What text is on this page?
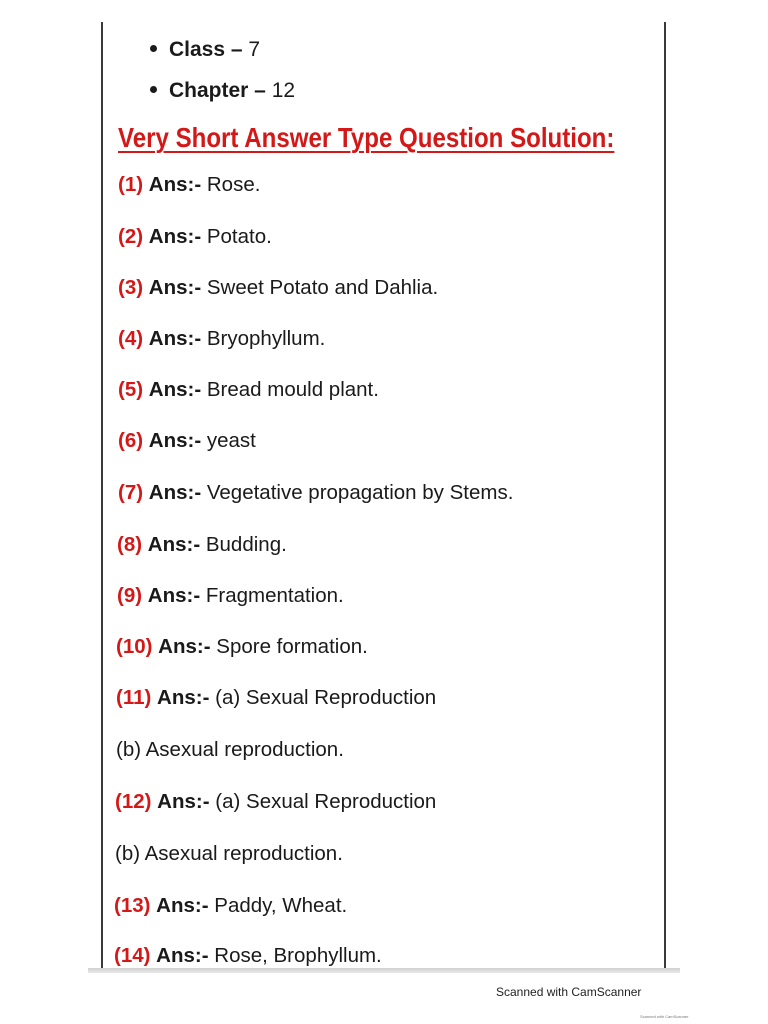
Class – 7
Chapter – 12
Very Short Answer Type Question Solution:
(1) Ans:- Rose.
(2) Ans:- Potato.
(3) Ans:- Sweet Potato and Dahlia.
(4) Ans:- Bryophyllum.
(5) Ans:- Bread mould plant.
(6) Ans:- yeast
(7) Ans:- Vegetative propagation by Stems.
(8) Ans:- Budding.
(9) Ans:- Fragmentation.
(10) Ans:- Spore formation.
(11) Ans:- (a) Sexual Reproduction
(b) Asexual reproduction.
(12) Ans:- (a) Sexual Reproduction
(b) Asexual reproduction.
(13) Ans:- Paddy, Wheat.
(14) Ans:- Rose, Brophyllum.
Scanned with CamScanner
Scanned with CamScanner
